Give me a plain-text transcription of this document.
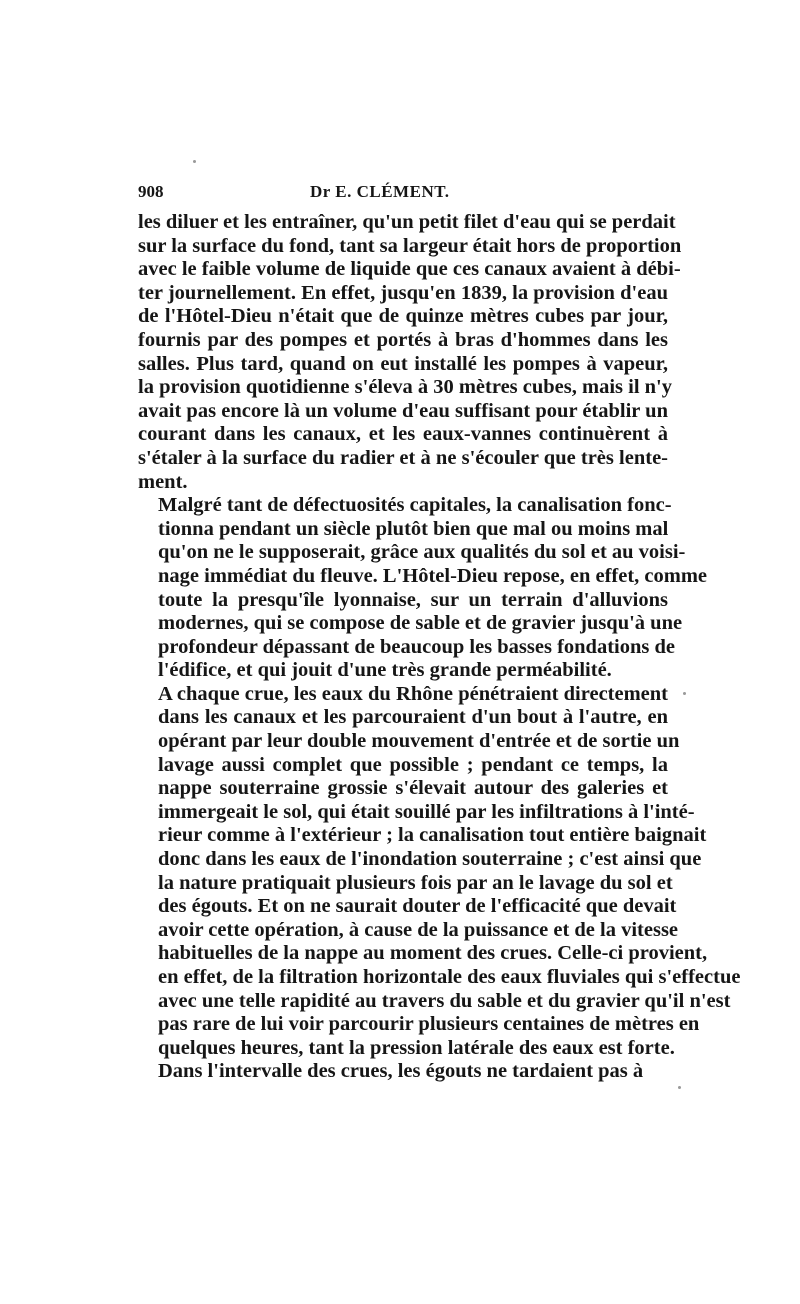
908	Dr E. CLÉMENT.

les diluer et les entraîner, qu'un petit filet d'eau qui se perdait
sur la surface du fond, tant sa largeur était hors de proportion
avec le faible volume de liquide que ces canaux avaient à débi-
ter journellement. En effet, jusqu'en 1839, la provision d'eau
de l'Hôtel-Dieu n'était que de quinze mètres cubes par jour,
fournis par des pompes et portés à bras d'hommes dans les
salles. Plus tard, quand on eut installé les pompes à vapeur,
la provision quotidienne s'éleva à 30 mètres cubes, mais il n'y
avait pas encore là un volume d'eau suffisant pour établir un
courant dans les canaux, et les eaux-vannes continuèrent à
s'étaler à la surface du radier et à ne s'écouler que très lente-
ment.

Malgré tant de défectuosités capitales, la canalisation fonc-
tionna pendant un siècle plutôt bien que mal ou moins mal
qu'on ne le supposerait, grâce aux qualités du sol et au voisi-
nage immédiat du fleuve. L'Hôtel-Dieu repose, en effet, comme
toute la presqu'île lyonnaise, sur un terrain d'alluvions
modernes, qui se compose de sable et de gravier jusqu'à une
profondeur dépassant de beaucoup les basses fondations de
l'édifice, et qui jouit d'une très grande perméabilité.

A chaque crue, les eaux du Rhône pénétraient directement
dans les canaux et les parcouraient d'un bout à l'autre, en
opérant par leur double mouvement d'entrée et de sortie un
lavage aussi complet que possible ; pendant ce temps, la
nappe souterraine grossie s'élevait autour des galeries et
immergeait le sol, qui était souillé par les infiltrations à l'inté-
rieur comme à l'extérieur ; la canalisation tout entière baignait
donc dans les eaux de l'inondation souterraine ; c'est ainsi que
la nature pratiquait plusieurs fois par an le lavage du sol et
des égouts. Et on ne saurait douter de l'efficacité que devait
avoir cette opération, à cause de la puissance et de la vitesse
habituelles de la nappe au moment des crues. Celle-ci provient,
en effet, de la filtration horizontale des eaux fluviales qui s'effectue
avec une telle rapidité au travers du sable et du gravier qu'il n'est
pas rare de lui voir parcourir plusieurs centaines de mètres en
quelques heures, tant la pression latérale des eaux est forte.

Dans l'intervalle des crues, les égouts ne tardaient pas à
